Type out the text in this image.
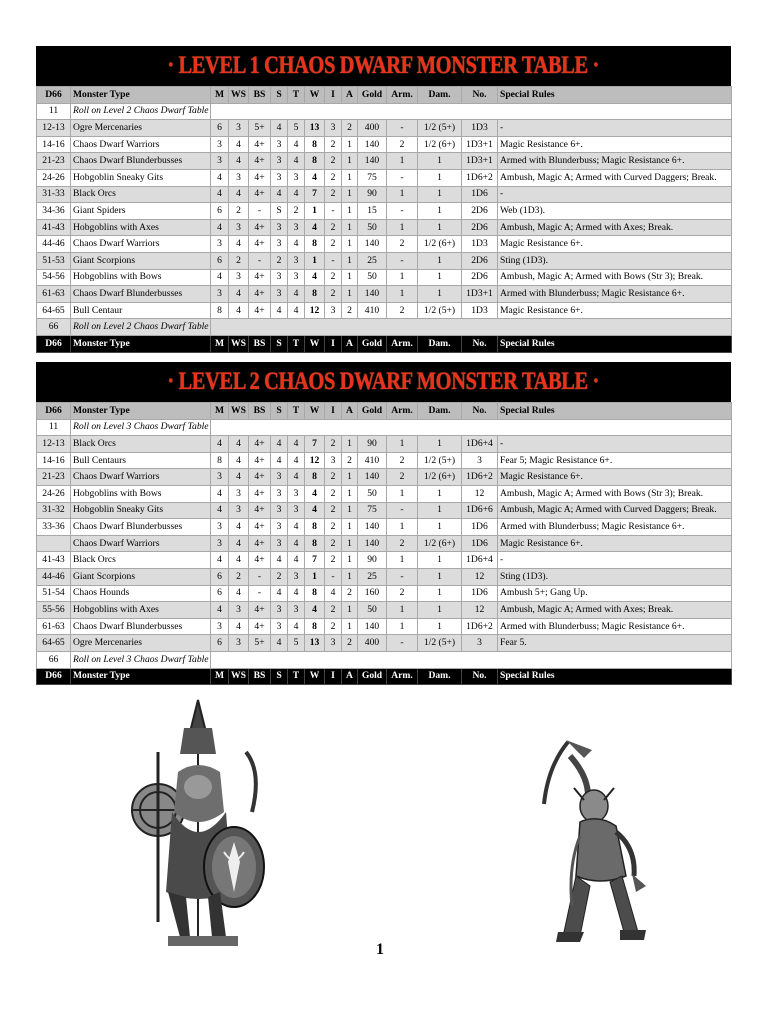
· LEVEL 1 CHAOS DWARF MONSTER TABLE ·
D66	Monster Type	M	WS	BS	S	T	W	I	A	Gold	Arm.	Dam.	No.	Special Rules
11	Roll on Level 2 Chaos Dwarf Table													
12-13	Ogre Mercenaries	6	3	5+	4	5	13	3	2	400	-	1/2 (5+)	1D3	-
14-16	Chaos Dwarf Warriors	3	4	4+	3	4	8	2	1	140	2	1/2 (6+)	1D3+1	Magic Resistance 6+.
21-23	Chaos Dwarf Blunderbusses	3	4	4+	3	4	8	2	1	140	1	1	1D3+1	Armed with Blunderbuss; Magic Resistance 6+.
24-26	Hobgoblin Sneaky Gits	4	3	4+	3	3	4	2	1	75	-	1	1D6+2	Ambush, Magic A; Armed with Curved Daggers; Break.
31-33	Black Orcs	4	4	4+	4	4	7	2	1	90	1	1	1D6	-
34-36	Giant Spiders	6	2	-	S	2	1	-	1	15	-	1	2D6	Web (1D3).
41-43	Hobgoblins with Axes	4	3	4+	3	3	4	2	1	50	1	1	2D6	Ambush, Magic A; Armed with Axes; Break.
44-46	Chaos Dwarf Warriors	3	4	4+	3	4	8	2	1	140	2	1/2 (6+)	1D3	Magic Resistance 6+.
51-53	Giant Scorpions	6	2	-	2	3	1	-	1	25	-	1	2D6	Sting (1D3).
54-56	Hobgoblins with Bows	4	3	4+	3	3	4	2	1	50	1	1	2D6	Ambush, Magic A; Armed with Bows (Str 3); Break.
61-63	Chaos Dwarf Blunderbusses	3	4	4+	3	4	8	2	1	140	1	1	1D3+1	Armed with Blunderbuss; Magic Resistance 6+.
64-65	Bull Centaur	8	4	4+	4	4	12	3	2	410	2	1/2 (5+)	1D3	Magic Resistance 6+.
66	Roll on Level 2 Chaos Dwarf Table													
D66	Monster Type	M	WS	BS	S	T	W	I	A	Gold	Arm.	Dam.	No.	Special Rules
· LEVEL 2 CHAOS DWARF MONSTER TABLE ·
D66	Monster Type	M	WS	BS	S	T	W	I	A	Gold	Arm.	Dam.	No.	Special Rules
11	Roll on Level 3 Chaos Dwarf Table													
12-13	Black Orcs	4	4	4+	4	4	7	2	1	90	1	1	1D6+4	-
14-16	Bull Centaurs	8	4	4+	4	4	12	3	2	410	2	1/2 (5+)	3	Fear 5; Magic Resistance 6+.
21-23	Chaos Dwarf Warriors	3	4	4+	3	4	8	2	1	140	2	1/2 (6+)	1D6+2	Magic Resistance 6+.
24-26	Hobgoblins with Bows	4	3	4+	3	3	4	2	1	50	1	1	12	Ambush, Magic A; Armed with Bows (Str 3); Break.
31-32	Hobgoblin Sneaky Gits	4	3	4+	3	3	4	2	1	75	-	1	1D6+6	Ambush, Magic A; Armed with Curved Daggers; Break.
33-36	Chaos Dwarf Blunderbusses	3	4	4+	3	4	8	2	1	140	1	1	1D6	Armed with Blunderbuss; Magic Resistance 6+.
	Chaos Dwarf Warriors	3	4	4+	3	4	8	2	1	140	2	1/2 (6+)	1D6	Magic Resistance 6+.
41-43	Black Orcs	4	4	4+	4	4	7	2	1	90	1	1	1D6+4	-
44-46	Giant Scorpions	6	2	-	2	3	1	-	1	25	-	1	12	Sting (1D3).
51-54	Chaos Hounds	6	4	-	4	4	8	4	2	160	2	1	1D6	Ambush 5+; Gang Up.
55-56	Hobgoblins with Axes	4	3	4+	3	3	4	2	1	50	1	1	12	Ambush, Magic A; Armed with Axes; Break.
61-63	Chaos Dwarf Blunderbusses	3	4	4+	3	4	8	2	1	140	1	1	1D6+2	Armed with Blunderbuss; Magic Resistance 6+.
64-65	Ogre Mercenaries	6	3	5+	4	5	13	3	2	400	-	1/2 (5+)	3	Fear 5.
66	Roll on Level 3 Chaos Dwarf Table													
D66	Monster Type	M	WS	BS	S	T	W	I	A	Gold	Arm.	Dam.	No.	Special Rules
1
